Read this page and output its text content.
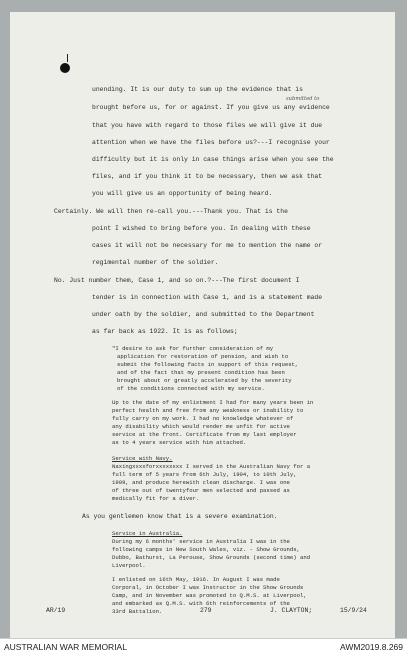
unending. It is our duty to sum up the evidence that is
submitted to
brought before us, for or against. If you give us any evidence
that you have with regard to those files we will give it due
attention when we have the files before us?---I recognise your
difficulty but it is only in case things arise when you see the
files, and if you think it to be necessary, then we ask that
you will give us an opportunity of being heard.
Certainly. We will then re-call you.---Thank you. That is the
point I wished to bring before you. In dealing with these
cases it will not be necessary for me to mention the name or
regimental number of the soldier.
No. Just number them, Case 1, and so on.?---The first document I
tender is in connection with Case 1, and is a statement made
under oath by the soldier, and submitted to the Department
as far back as 1922. It is as follows;
"I desire to ask for further consideration of my
application for restoration of pension, and wish to
submit the following facts in support of this request,
and of the fact that my present condition has been
brought about or greatly accelerated by the severity
of the conditions connected with my service.
Up to the date of my enlistment I had for many years been in
perfect health and free from any weakness or inability to
fully carry on my work. I had no knowledge whatever of
any disability which would render me unfit for active
service at the front. Certificate from my last employer
as to 4 years service with him attached.
Service with Navy.
Naxingxxxxforxxxxxxxx I served in the Australian Navy for a
full term of 5 years from 6th July, 1904, to 10th July,
1909, and produce herewith clean discharge. I was one
of three out of twentyfour men selected and passed as
medically fit for a diver.
As you gentlemen know that is a severe examination.
Service in Australia.
During my 6 months' service in Australia I was in the
following camps in New South Wales, viz. - Show Grounds,
Dubbo, Bathurst, La Perouse, Show Grounds (second time) and
Liverpool.
I enlisted on 16th May, 1916. In August I was made
Corporal, in October I was Instructor in the Show Grounds
Camp, and in November was promoted to Q.M.S. at Liverpool,
and embarked as Q.M.S. with 6th reinforcements of the
33rd Battalion.
AR/19	279	J. CLAYTON;	15/9/24
AUSTRALIAN WAR MEMORIAL	AWM2019.8.269
